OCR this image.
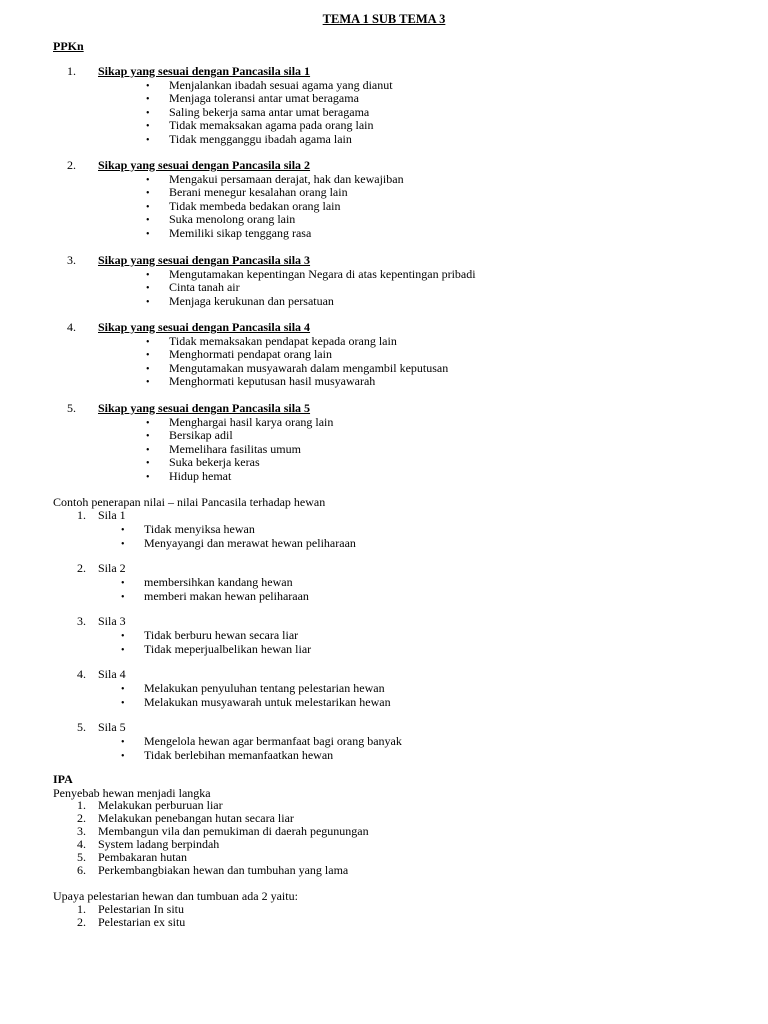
TEMA 1 SUB TEMA 3
PPKn
1. Sikap yang sesuai dengan Pancasila sila 1
• Menjalankan ibadah sesuai agama yang dianut
• Menjaga toleransi antar umat beragama
• Saling bekerja sama antar umat beragama
• Tidak memaksakan agama pada orang lain
• Tidak mengganggu ibadah agama lain
2. Sikap yang sesuai dengan Pancasila sila 2
• Mengakui persamaan derajat, hak dan kewajiban
• Berani menegur kesalahan orang lain
• Tidak membeda bedakan orang lain
• Suka menolong orang lain
• Memiliki sikap tenggang rasa
3. Sikap yang sesuai dengan Pancasila sila 3
• Mengutamakan kepentingan Negara di atas kepentingan pribadi
• Cinta tanah air
• Menjaga kerukunan dan persatuan
4. Sikap yang sesuai dengan Pancasila sila 4
• Tidak memaksakan pendapat kepada orang lain
• Menghormati pendapat orang lain
• Mengutamakan musyawarah dalam mengambil keputusan
• Menghormati keputusan hasil musyawarah
5. Sikap yang sesuai dengan Pancasila sila 5
• Menghargai hasil karya orang lain
• Bersikap adil
• Memelihara fasilitas umum
• Suka bekerja keras
• Hidup hemat
Contoh penerapan nilai – nilai Pancasila terhadap hewan
1. Sila 1
• Tidak menyiksa hewan
• Menyayangi dan merawat hewan peliharaan
2. Sila 2
• membersihkan kandang hewan
• memberi makan hewan peliharaan
3. Sila 3
• Tidak berburu hewan secara liar
• Tidak meperjualbelikan hewan liar
4. Sila 4
• Melakukan penyuluhan tentang pelestarian hewan
• Melakukan musyawarah untuk melestarikan hewan
5. Sila 5
• Mengelola hewan agar bermanfaat bagi orang banyak
• Tidak berlebihan memanfaatkan hewan
IPA
Penyebab hewan menjadi langka
1. Melakukan perburuan liar
2. Melakukan penebangan hutan secara liar
3. Membangun vila dan pemukiman di daerah pegunungan
4. System ladang berpindah
5. Pembakaran hutan
6. Perkembangbiakan hewan dan tumbuhan yang lama
Upaya pelestarian hewan dan tumbuan ada 2 yaitu:
1. Pelestarian In situ
2. Pelestarian ex situ
